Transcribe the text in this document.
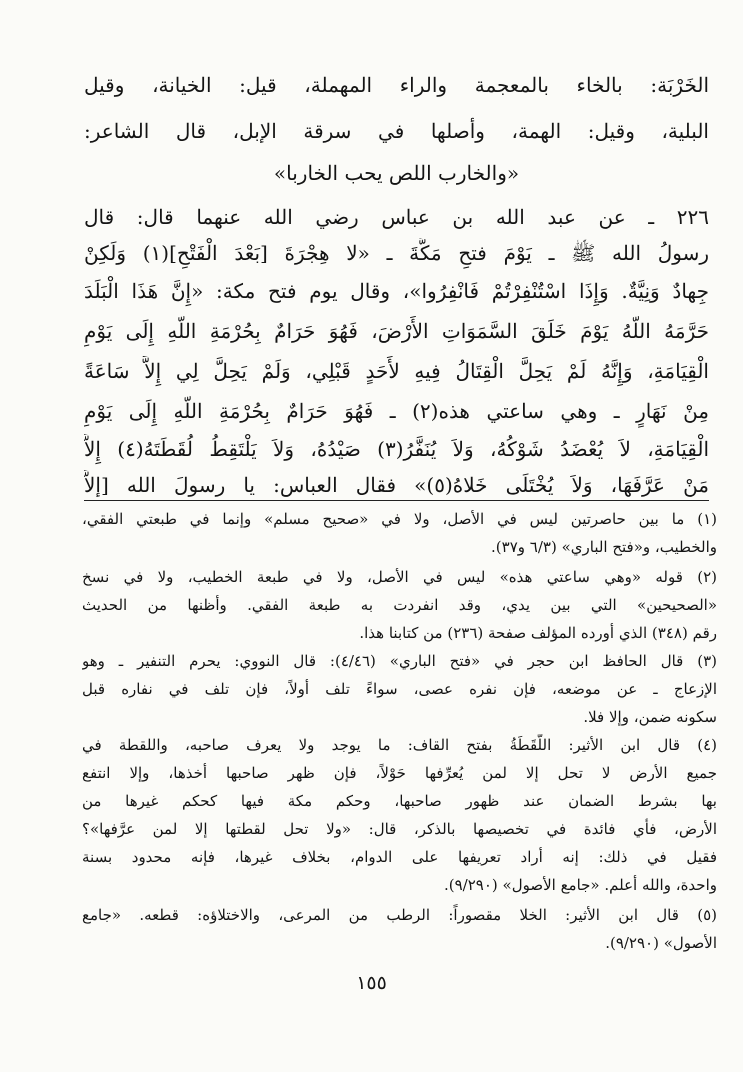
الخَرْبَة: بالخاء بالمعجمة والراء المهملة، قيل: الخيانة، وقيل
البلية، وقيل: الهمة، وأصلها في سرقة الإبل، قال الشاعر:
«والخارب اللص يحب الخاربا»
٢٢٦ ـ عن عبد الله بن عباس رضي الله عنهما قال: قال
رسولُ الله ﷺ ـ يَوْمَ فتحِ مَكَّةَ ـ «لا هِجْرَةَ [بَعْدَ الْفَتْحِ](١) وَلَكِنْ
جِهادٌ وَنِيَّةٌ. وَإِذَا اسْتُنْفِرْتُمْ فَانْفِرُوا»، وقال يوم فتح مكة: «إِنَّ هَذَا الْبَلَدَ
حَرَّمَهُ اللَّهُ يَوْمَ خَلَقَ السَّمَوَاتِ الأَرْضَ، فَهُوَ حَرَامٌ بِحُرْمَةِ اللَّهِ إِلَى يَوْمِ
الْقِيَامَةِ، وَإِنَّهُ لَمْ يَحِلَّ الْقِتَالُ فِيهِ لأَحَدٍ قَبْلِي، وَلَمْ يَحِلَّ لِي إِلاَّ سَاعَةً
مِنْ نَهَارٍ ـ وهي ساعتي هذه(٢) ـ فَهُوَ حَرَامٌ بِحُرْمَةِ اللَّهِ إِلَى يَوْمِ
الْقِيَامَةِ، لاَ يُعْضَدُ شَوْكُهُ، وَلاَ يُنَفَّرُ(٣) صَيْدُهُ، وَلاَ يَلْتَقِطُ لُقَطَتَهُ(٤) إِلاَّ
مَنْ عَرَّفَهَا، وَلاَ يُخْتَلَى خَلاهُ(٥)» فقال العباس: يا رسولَ الله [إلاَّ
(١) ما بين حاصرتين ليس في الأصل، ولا في «صحيح مسلم» وإنما في طبعتي الفقي،
والخطيب، و«فتح الباري» (٦/٣ و٣٧).
(٢) قوله «وهي ساعتي هذه» ليس في الأصل، ولا في طبعة الخطيب، ولا في نسخ
«الصحيحين» التي بين يدي، وقد انفردت به طبعة الفقي. وأظنها من الحديث
رقم (٣٤٨) الذي أورده المؤلف صفحة (٢٣٦) من كتابنا هذا.
(٣) قال الحافظ ابن حجر في «فتح الباري» (٤/٤٦): قال النووي: يحرم التنفير ـ وهو
الإزعاج ـ عن موضعه، فإن نفره عصى، سواءً تلف أولاً، فإن تلف في نفاره قبل
سكونه ضمن، وإلا فلا.
(٤) قال ابن الأثير: اللُّقَطَةُ بفتح القاف: ما يوجد ولا يعرف صاحبه، واللقطة في
جميع الأرض لا تحل إلا لمن يُعرِّفها حَوْلاً، فإن ظهر صاحبها أخذها، وإلا انتفع
بها بشرط الضمان عند ظهور صاحبها، وحكم مكة فيها كحكم غيرها من
الأرض، فأي فائدة في تخصيصها بالذكر، قال: «ولا تحل لقطتها إلا لمن عرَّفها»؟
فقيل في ذلك: إنه أراد تعريفها على الدوام، بخلاف غيرها، فإنه محدود بسنة
واحدة، والله أعلم. «جامع الأصول» (٩/٢٩٠).
(٥) قال ابن الأثير: الخلا مقصوراً: الرطب من المرعى، والاختلاؤه: قطعه. «جامع
الأصول» (٩/٢٩٠).
١٥٥
